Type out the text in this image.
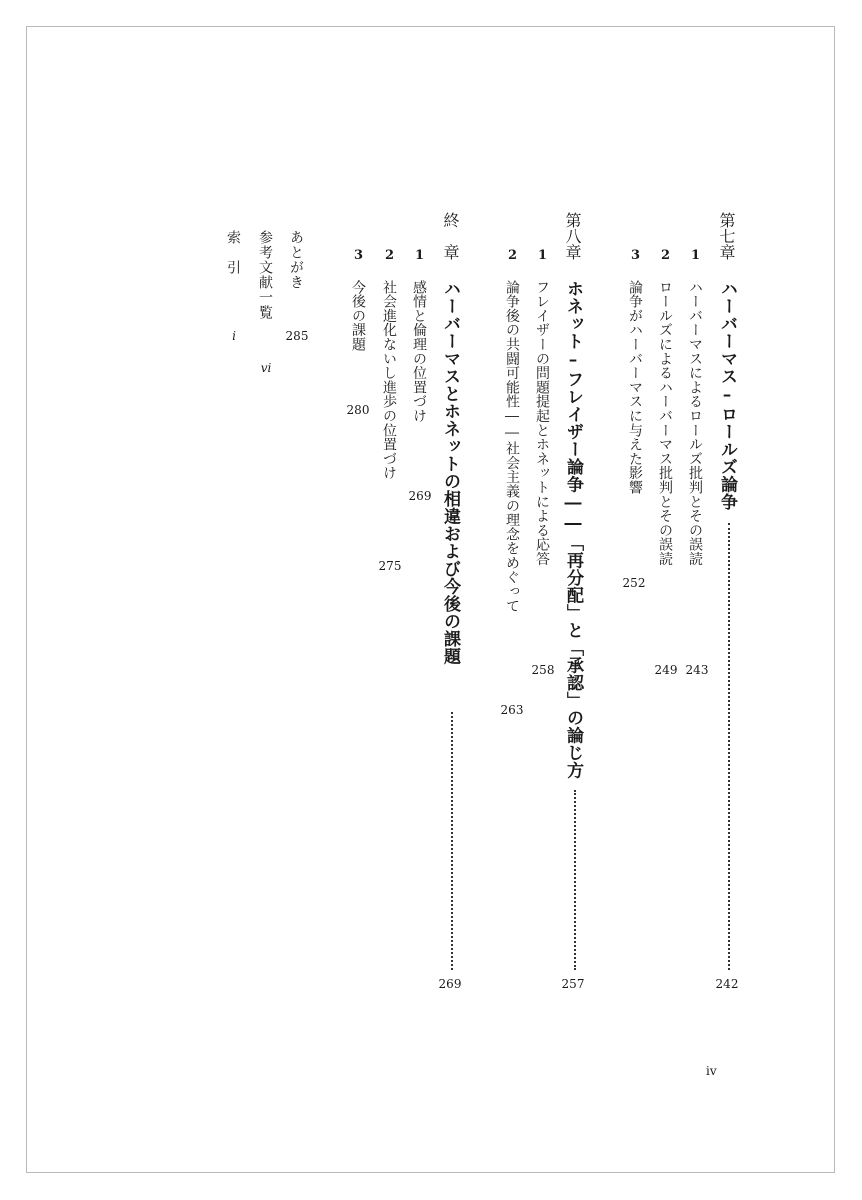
第七章
ハーバーマス–ロールズ論争
242
1
ハーバーマスによるロールズ批判とその誤読
243
2
ロールズによるハーバーマス批判とその誤読
249
3
論争がハーバーマスに与えた影響
252
第八章
ホネット–フレイザー論争――「再分配」と「承認」の論じ方
257
1
フレイザーの問題提起とホネットによる応答
258
2
論争後の共闘可能性――社会主義の理念をめぐって
263
終　章
ハーバーマスとホネットの相違および今後の課題
269
1
感情と倫理の位置づけ
269
2
社会進化ないし進歩の位置づけ
275
3
今後の課題
280
あとがき
285
参考文献一覧
vi
索　引
i
iv
